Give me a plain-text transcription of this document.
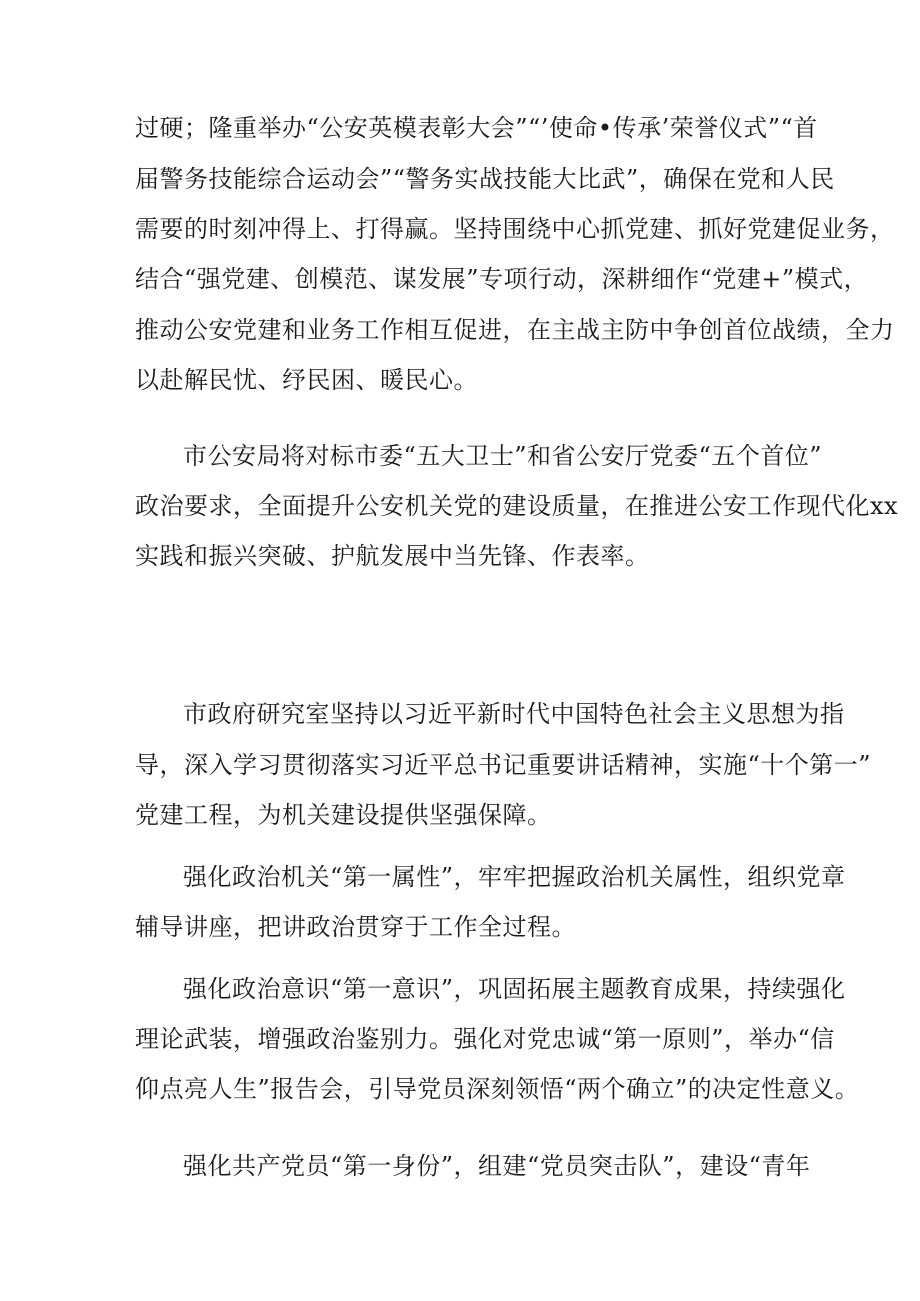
过硬；隆重举办“公安英模表彰大会”“’使命•传承’荣誉仪式”“首
届警务技能综合运动会”“警务实战技能大比武”，确保在党和人民
需要的时刻冲得上、打得赢。坚持围绕中心抓党建、抓好党建促业务，
结合“强党建、创模范、谋发展”专项行动，深耕细作“党建+”模式，
推动公安党建和业务工作相互促进，在主战主防中争创首位战绩，全力
以赴解民忧、纾民困、暖民心。
市公安局将对标市委“五大卫士”和省公安厅党委“五个首位”
政治要求，全面提升公安机关党的建设质量，在推进公安工作现代化xx
实践和振兴突破、护航发展中当先锋、作表率。
市政府研究室坚持以习近平新时代中国特色社会主义思想为指
导，深入学习贯彻落实习近平总书记重要讲话精神，实施“十个第一”
党建工程，为机关建设提供坚强保障。
强化政治机关“第一属性”，牢牢把握政治机关属性，组织党章
辅导讲座，把讲政治贯穿于工作全过程。
强化政治意识“第一意识”，巩固拓展主题教育成果，持续强化
理论武装，增强政治鉴别力。强化对党忠诚“第一原则”，举办“信
仰点亮人生”报告会，引导党员深刻领悟“两个确立”的决定性意义。
强化共产党员“第一身份”，组建“党员突击队”，建设“青年
